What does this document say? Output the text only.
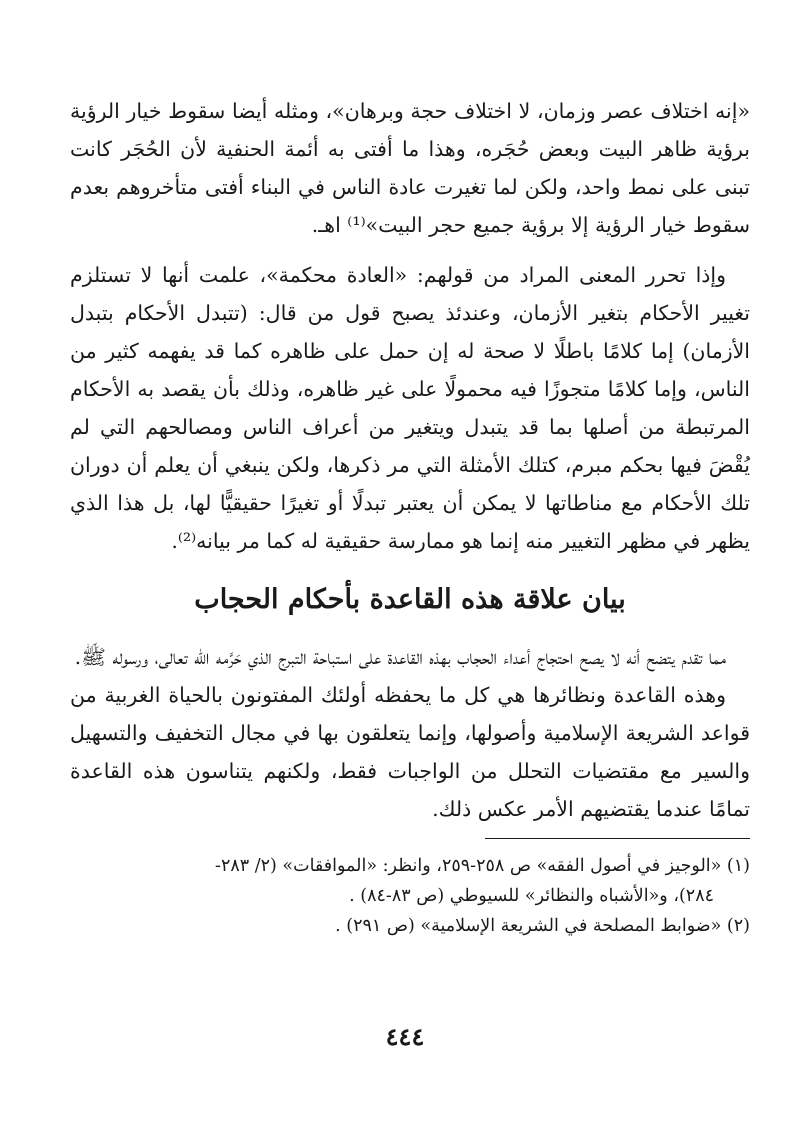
«إنه اختلاف عصر وزمان، لا اختلاف حجة وبرهان»، ومثله أيضا سقوط خيار الرؤية برؤية ظاهر البيت وبعض حُجَره، وهذا ما أفتى به أئمة الحنفية لأن الحُجَر كانت تبنى على نمط واحد، ولكن لما تغيرت عادة الناس في البناء أفتى متأخروهم بعدم سقوط خيار الرؤية إلا برؤية جميع حجر البيت»⁽¹⁾ اهـ.

وإذا تحرر المعنى المراد من قولهم: «العادة محكمة»، علمت أنها لا تستلزم تغيير الأحكام بتغير الأزمان، وعندئذ يصبح قول من قال: (تتبدل الأحكام بتبدل الأزمان) إما كلامًا باطلًا لا صحة له إن حمل على ظاهره كما قد يفهمه كثير من الناس، وإما كلامًا متجوزًا فيه محمولًا على غير ظاهره، وذلك بأن يقصد به الأحكام المرتبطة من أصلها بما قد يتبدل ويتغير من أعراف الناس ومصالحهم التي لم يُقْضَ فيها بحكم مبرم، كتلك الأمثلة التي مر ذكرها، ولكن ينبغي أن يعلم أن دوران تلك الأحكام مع مناطاتها لا يمكن أن يعتبر تبدلًا أو تغيرًا حقيقيًّا لها، بل هذا الذي يظهر في مظهر التغيير منه إنما هو ممارسة حقيقية له كما مر بيانه⁽²⁾.

بيان علاقة هذه القاعدة بأحكام الحجاب

مما تقدم يتضح أنه لا يصح احتجاج أعداء الحجاب بهذه القاعدة على استباحة التبرج الذي حَرَّمه الله تعالى، ورسوله ﷺ.

وهذه القاعدة ونظائرها هي كل ما يحفظه أولئك المفتونون بالحياة الغربية من قواعد الشريعة الإسلامية وأصولها، وإنما يتعلقون بها في مجال التخفيف والتسهيل والسير مع مقتضيات التحلل من الواجبات فقط، ولكنهم يتناسون هذه القاعدة تمامًا عندما يقتضيهم الأمر عكس ذلك.

(١) «الوجيز في أصول الفقه» ص ٢٥٨-٢٥٩، وانظر: «الموافقات» (٢/ ٢٨٣-
٢٨٤)، و«الأشباه والنظائر» للسيوطي (ص ٨٣-٨٤) .
(٢) «ضوابط المصلحة في الشريعة الإسلامية» (ص ٢٩١) .
٤٤٤
